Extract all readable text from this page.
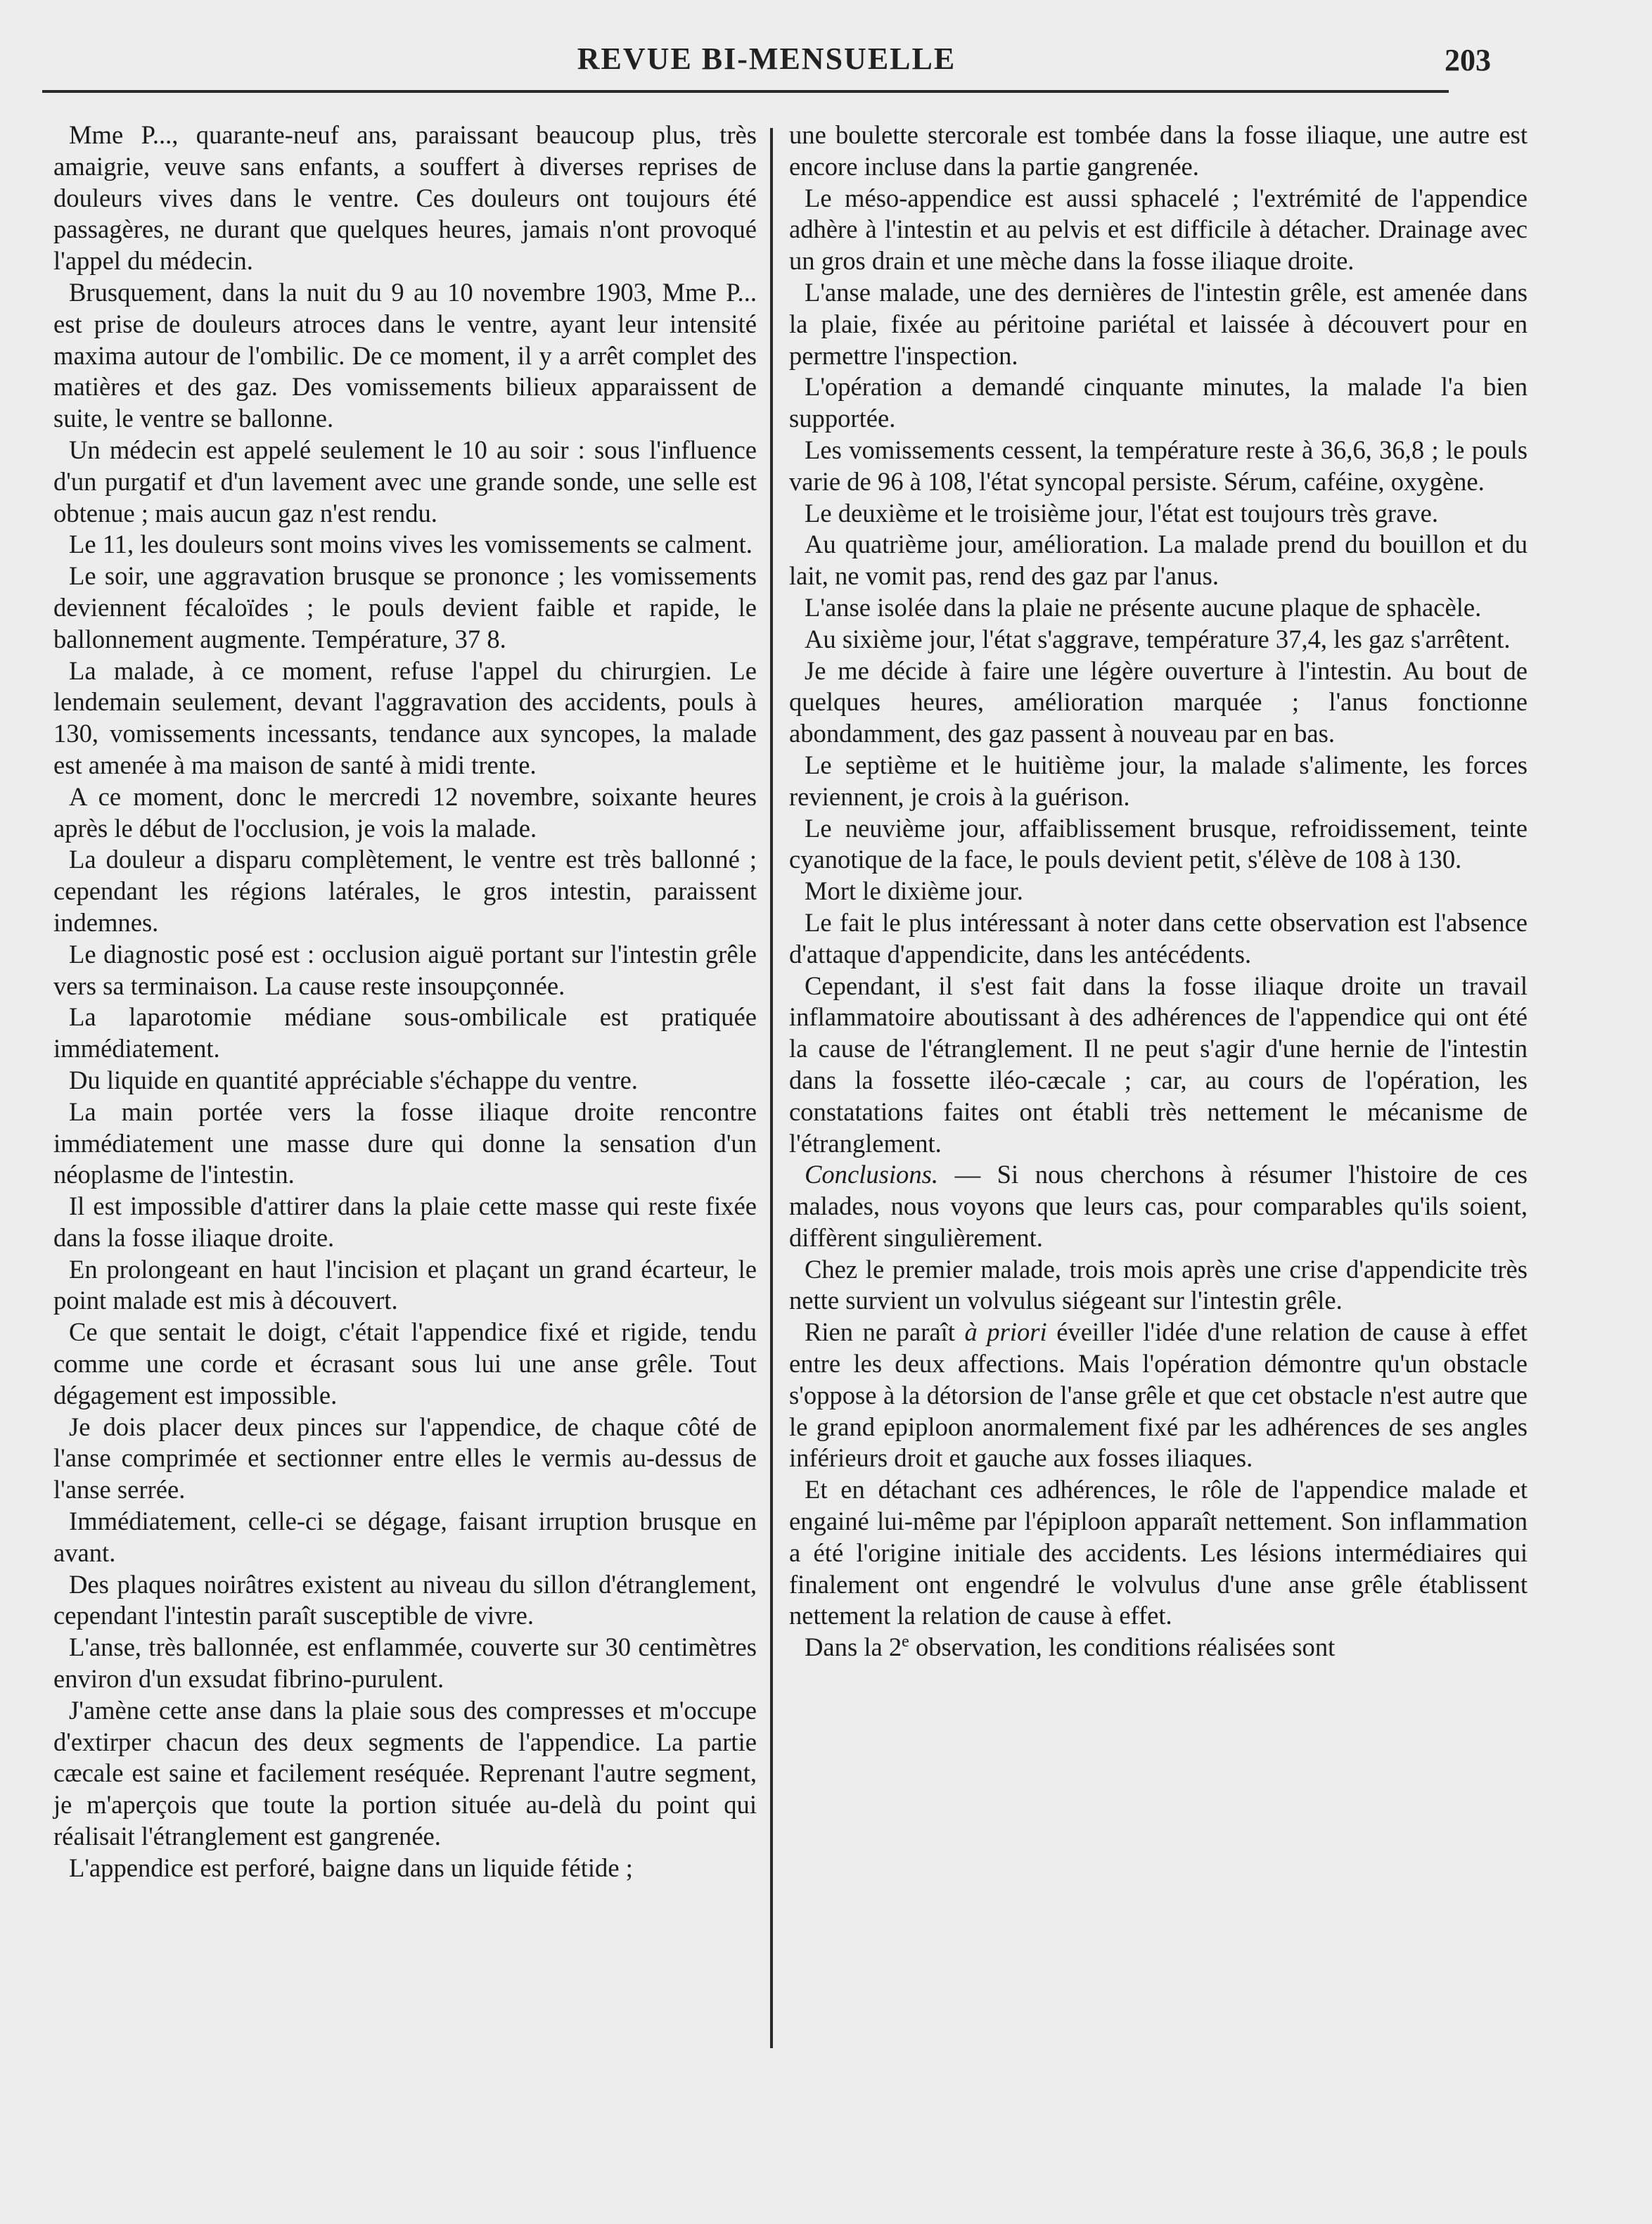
REVUE BI-MENSUELLE	203

Mme P..., quarante-neuf ans, paraissant beaucoup plus, très amaigrie, veuve sans enfants, a souffert à diverses reprises de douleurs vives dans le ventre. Ces douleurs ont toujours été passagères, ne durant que quelques heures, jamais n'ont provoqué l'appel du médecin.

Brusquement, dans la nuit du 9 au 10 novembre 1903, Mme P... est prise de douleurs atroces dans le ventre, ayant leur intensité maxima autour de l'ombilic. De ce moment, il y a arrêt complet des matières et des gaz. Des vomissements bilieux apparaissent de suite, le ventre se ballonne.

Un médecin est appelé seulement le 10 au soir : sous l'influence d'un purgatif et d'un lavement avec une grande sonde, une selle est obtenue ; mais aucun gaz n'est rendu.

Le 11, les douleurs sont moins vives les vomissements se calment.

Le soir, une aggravation brusque se prononce ; les vomissements deviennent fécaloïdes ; le pouls devient faible et rapide, le ballonnement augmente. Température, 37 8.

La malade, à ce moment, refuse l'appel du chirurgien. Le lendemain seulement, devant l'aggravation des accidents, pouls à 130, vomissements incessants, tendance aux syncopes, la malade est amenée à ma maison de santé à midi trente.

A ce moment, donc le mercredi 12 novembre, soixante heures après le début de l'occlusion, je vois la malade.

La douleur a disparu complètement, le ventre est très ballonné ; cependant les régions latérales, le gros intestin, paraissent indemnes.

Le diagnostic posé est : occlusion aiguë portant sur l'intestin grêle vers sa terminaison. La cause reste insoupçonnée.

La laparotomie médiane sous-ombilicale est pratiquée immédiatement.

Du liquide en quantité appréciable s'échappe du ventre.

La main portée vers la fosse iliaque droite rencontre immédiatement une masse dure qui donne la sensation d'un néoplasme de l'intestin.

Il est impossible d'attirer dans la plaie cette masse qui reste fixée dans la fosse iliaque droite.

En prolongeant en haut l'incision et plaçant un grand écarteur, le point malade est mis à découvert.

Ce que sentait le doigt, c'était l'appendice fixé et rigide, tendu comme une corde et écrasant sous lui une anse grêle. Tout dégagement est impossible.

Je dois placer deux pinces sur l'appendice, de chaque côté de l'anse comprimée et sectionner entre elles le vermis au-dessus de l'anse serrée.

Immédiatement, celle-ci se dégage, faisant irruption brusque en avant.

Des plaques noirâtres existent au niveau du sillon d'étranglement, cependant l'intestin paraît susceptible de vivre.

L'anse, très ballonnée, est enflammée, couverte sur 30 centimètres environ d'un exsudat fibrino-purulent.

J'amène cette anse dans la plaie sous des compresses et m'occupe d'extirper chacun des deux segments de l'appendice. La partie cæcale est saine et facilement reséquée. Reprenant l'autre segment, je m'aperçois que toute la portion située au-delà du point qui réalisait l'étranglement est gangrenée.

L'appendice est perforé, baigne dans un liquide fétide ;

une boulette stercorale est tombée dans la fosse iliaque, une autre est encore incluse dans la partie gangrenée.

Le méso-appendice est aussi sphacelé ; l'extrémité de l'appendice adhère à l'intestin et au pelvis et est difficile à détacher. Drainage avec un gros drain et une mèche dans la fosse iliaque droite.

L'anse malade, une des dernières de l'intestin grêle, est amenée dans la plaie, fixée au péritoine pariétal et laissée à découvert pour en permettre l'inspection.

L'opération a demandé cinquante minutes, la malade l'a bien supportée.

Les vomissements cessent, la température reste à 36,6, 36,8 ; le pouls varie de 96 à 108, l'état syncopal persiste. Sérum, caféine, oxygène.

Le deuxième et le troisième jour, l'état est toujours très grave.

Au quatrième jour, amélioration. La malade prend du bouillon et du lait, ne vomit pas, rend des gaz par l'anus.

L'anse isolée dans la plaie ne présente aucune plaque de sphacèle.

Au sixième jour, l'état s'aggrave, température 37,4, les gaz s'arrêtent.

Je me décide à faire une légère ouverture à l'intestin. Au bout de quelques heures, amélioration marquée ; l'anus fonctionne abondamment, des gaz passent à nouveau par en bas.

Le septième et le huitième jour, la malade s'alimente, les forces reviennent, je crois à la guérison.

Le neuvième jour, affaiblissement brusque, refroidissement, teinte cyanotique de la face, le pouls devient petit, s'élève de 108 à 130.

Mort le dixième jour.

Le fait le plus intéressant à noter dans cette observation est l'absence d'attaque d'appendicite, dans les antécédents.

Cependant, il s'est fait dans la fosse iliaque droite un travail inflammatoire aboutissant à des adhérences de l'appendice qui ont été la cause de l'étranglement. Il ne peut s'agir d'une hernie de l'intestin dans la fossette iléo-cæcale ; car, au cours de l'opération, les constatations faites ont établi très nettement le mécanisme de l'étranglement.

Conclusions. — Si nous cherchons à résumer l'histoire de ces malades, nous voyons que leurs cas, pour comparables qu'ils soient, diffèrent singulièrement.

Chez le premier malade, trois mois après une crise d'appendicite très nette survient un volvulus siégeant sur l'intestin grêle.

Rien ne paraît à priori éveiller l'idée d'une relation de cause à effet entre les deux affections. Mais l'opération démontre qu'un obstacle s'oppose à la détorsion de l'anse grêle et que cet obstacle n'est autre que le grand epiploon anormalement fixé par les adhérences de ses angles inférieurs droit et gauche aux fosses iliaques.

Et en détachant ces adhérences, le rôle de l'appendice malade et engainé lui-même par l'épiploon apparaît nettement. Son inflammation a été l'origine initiale des accidents. Les lésions intermédiaires qui finalement ont engendré le volvulus d'une anse grêle établissent nettement la relation de cause à effet.

Dans la 2e observation, les conditions réalisées sont
